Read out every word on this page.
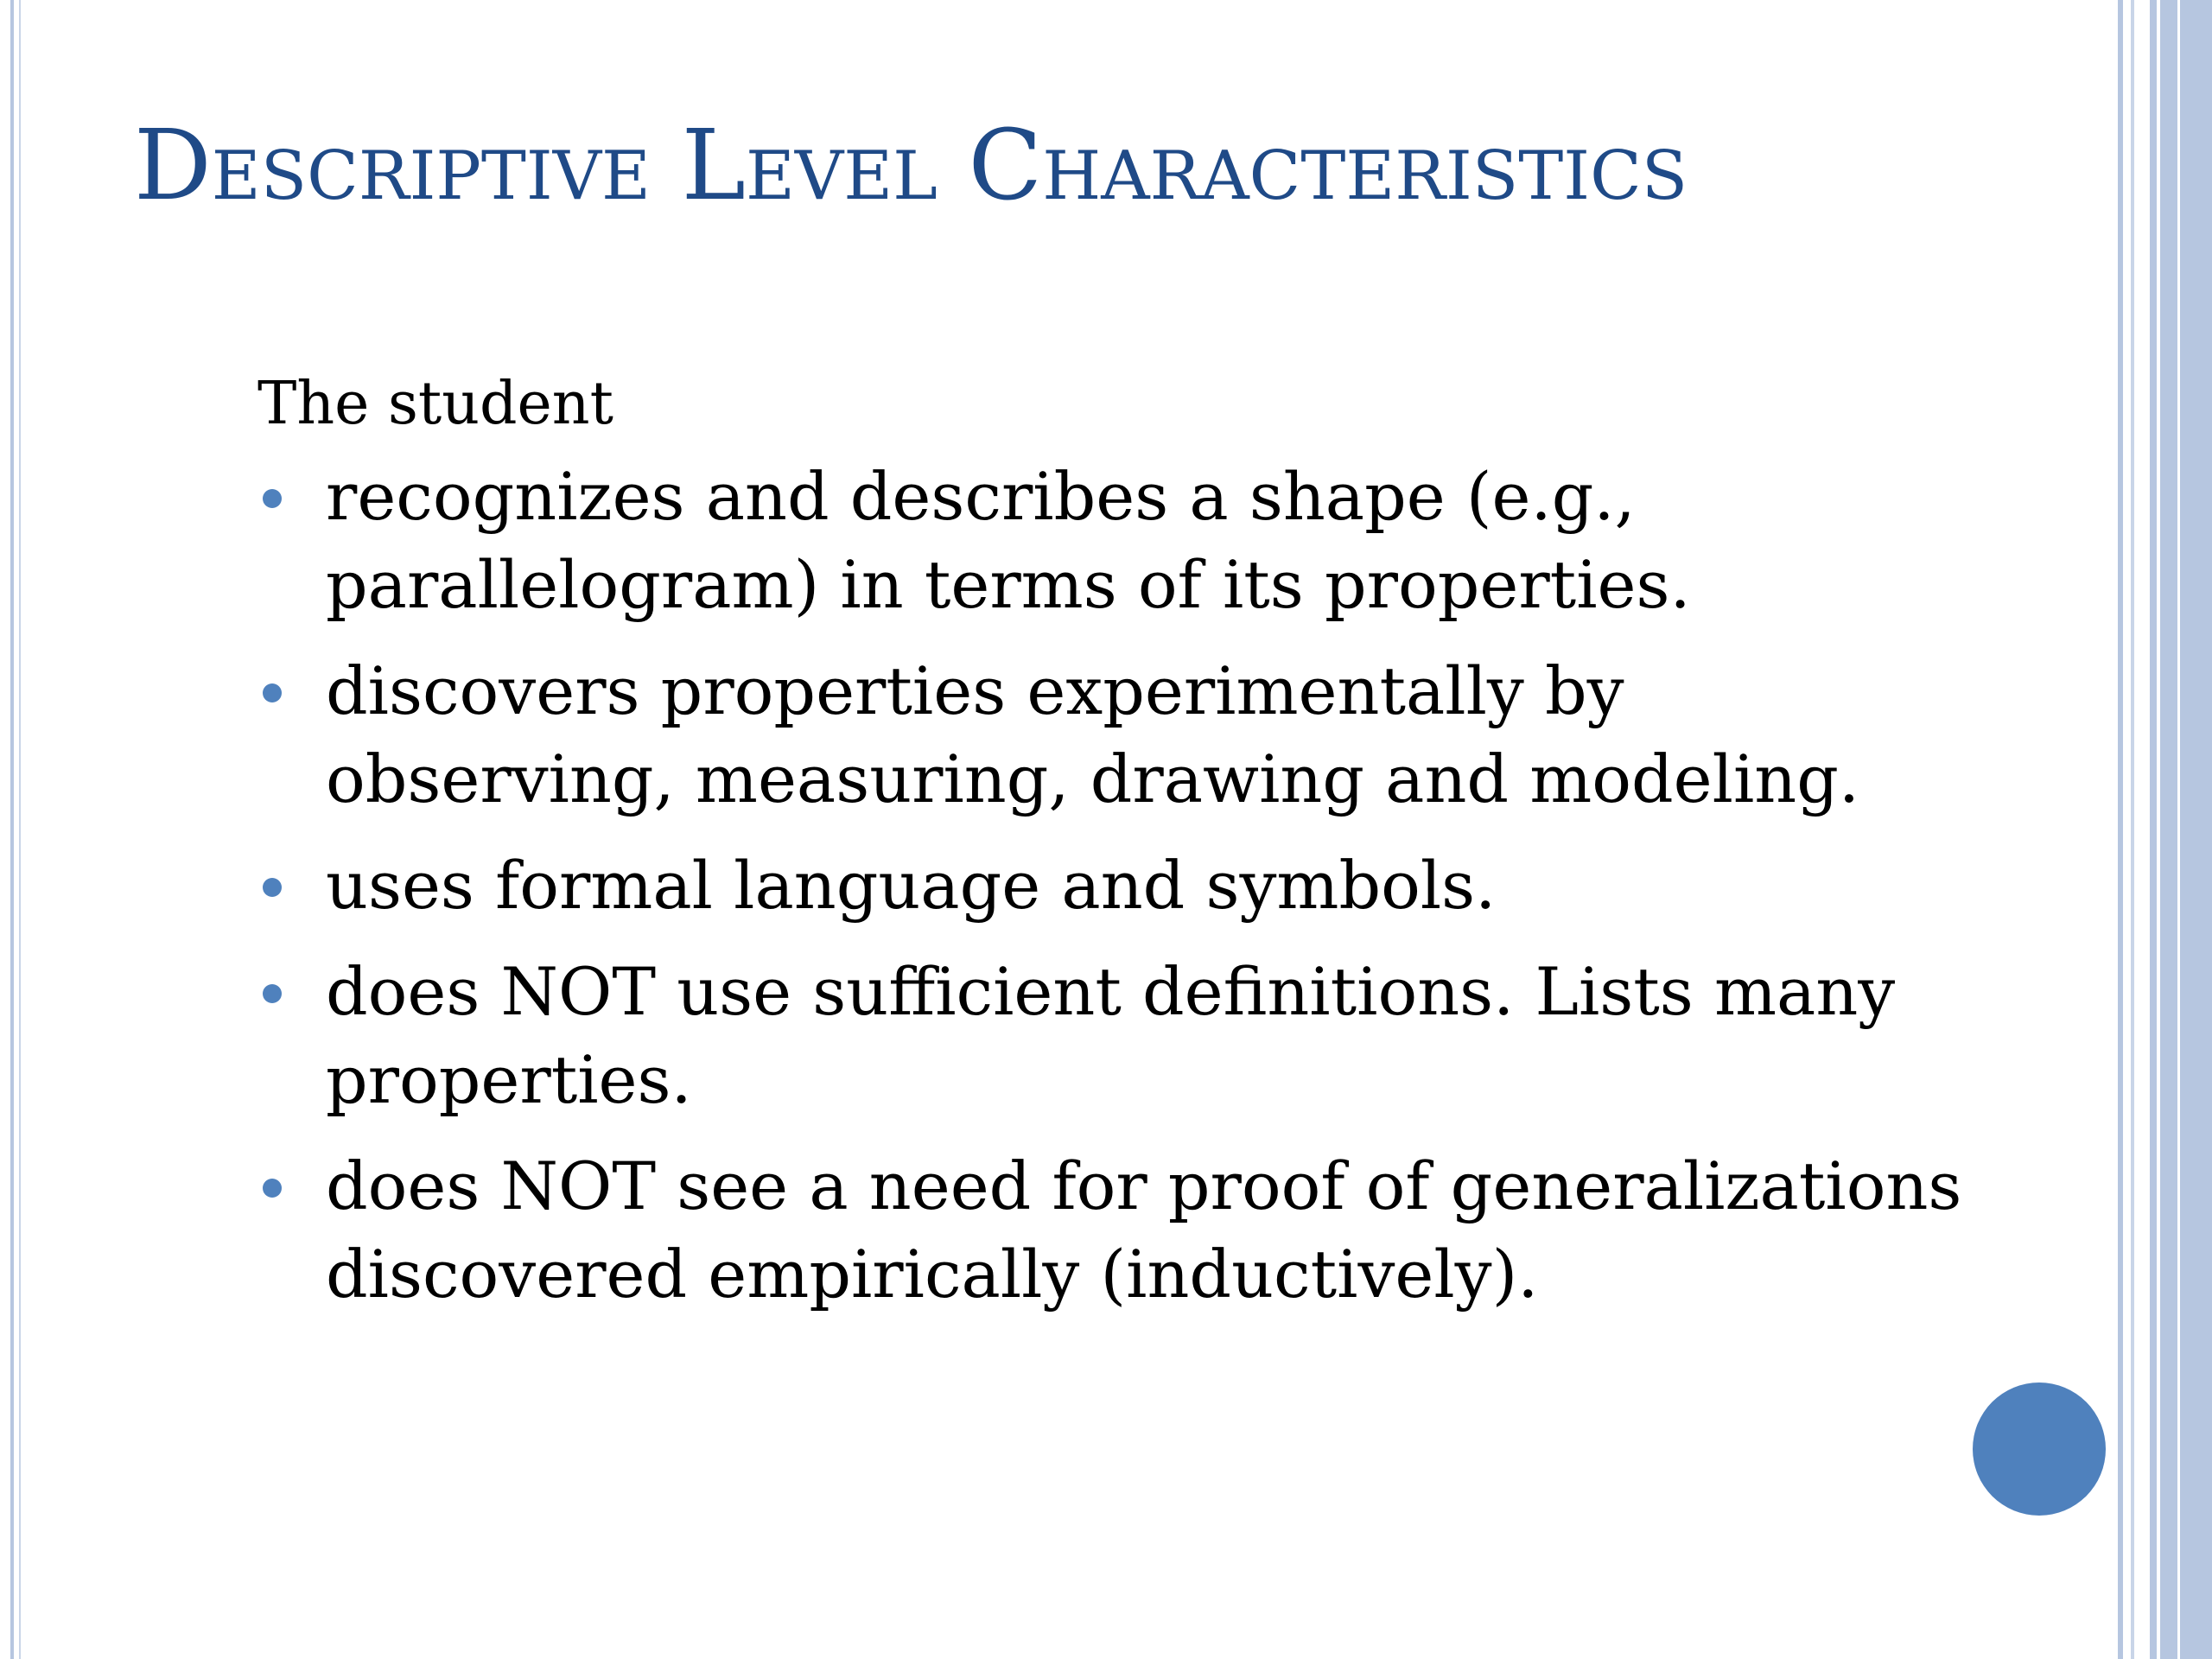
Descriptive Level Characteristics

The student

recognizes and describes a shape (e.g., parallelogram) in terms of its properties.
discovers properties experimentally by observing, measuring, drawing and modeling.
uses formal language and symbols.
does NOT use sufficient definitions. Lists many properties.
does NOT see a need for proof of generalizations discovered empirically (inductively).
